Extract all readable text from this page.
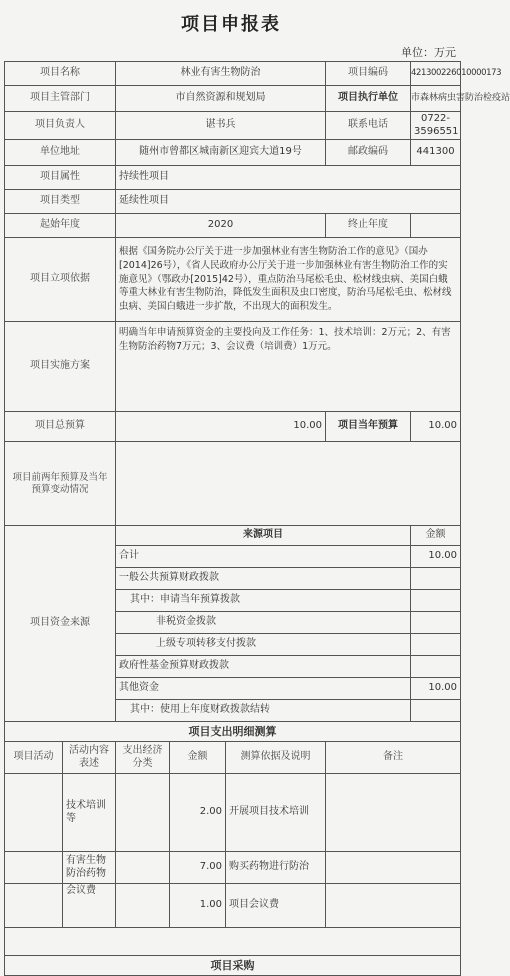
项目申报表
单位：万元
项目名称		林业有害生物防治			项目编码	421300226010000173
项目主管部门		市自然资源和规划局			项目执行单位	市森林病虫害防治检疫站
项目负责人		谌书兵			联系电话	0722-3596551
单位地址		随州市曾都区城南新区迎宾大道19号			邮政编码	441300
项目属性		持续性项目				
项目类型		延续性项目				
起始年度		2020			终止年度	
项目立项依据		根据《国务院办公厅关于进一步加强林业有害生物防治工作的意见》（国办[2014]26号），《省人民政府办公厅关于进一步加强林业有害生物防治工作的实施意见》（鄂政办[2015]42号），重点防治马尾松毛虫、松材线虫病、美国白蛾等重大林业有害生物防治，降低发生面积及虫口密度，防治马尾松毛虫、松材线虫病、美国白蛾进一步扩散，不出现大的面积发生。				
项目实施方案		明确当年申请预算资金的主要投向及工作任务：1、技术培训：2万元；2、有害生物防治药物7万元；3、会议费（培训费）1万元。				
项目总预算		10.00			项目当年预算	10.00
项目前两年预算及当年预算变动情况						
项目资金来源		来源项目				金额
		合计				10.00
		一般公共预算财政拨款				
		其中：申请当年预算拨款				
		非税资金拨款				
		上级专项转移支付拨款				
		政府性基金预算财政拨款				
		其他资金				10.00
		其中：使用上年度财政拨款结转				
项目支出明细测算						
项目活动	活动内容表述	支出经济分类	金额	测算依据及说明	备注	
	技术培训等		2.00	开展项目技术培训		
	有害生物防治药物		7.00	购买药物进行防治		
	会议费		1.00	项目会议费		

项目采购						
